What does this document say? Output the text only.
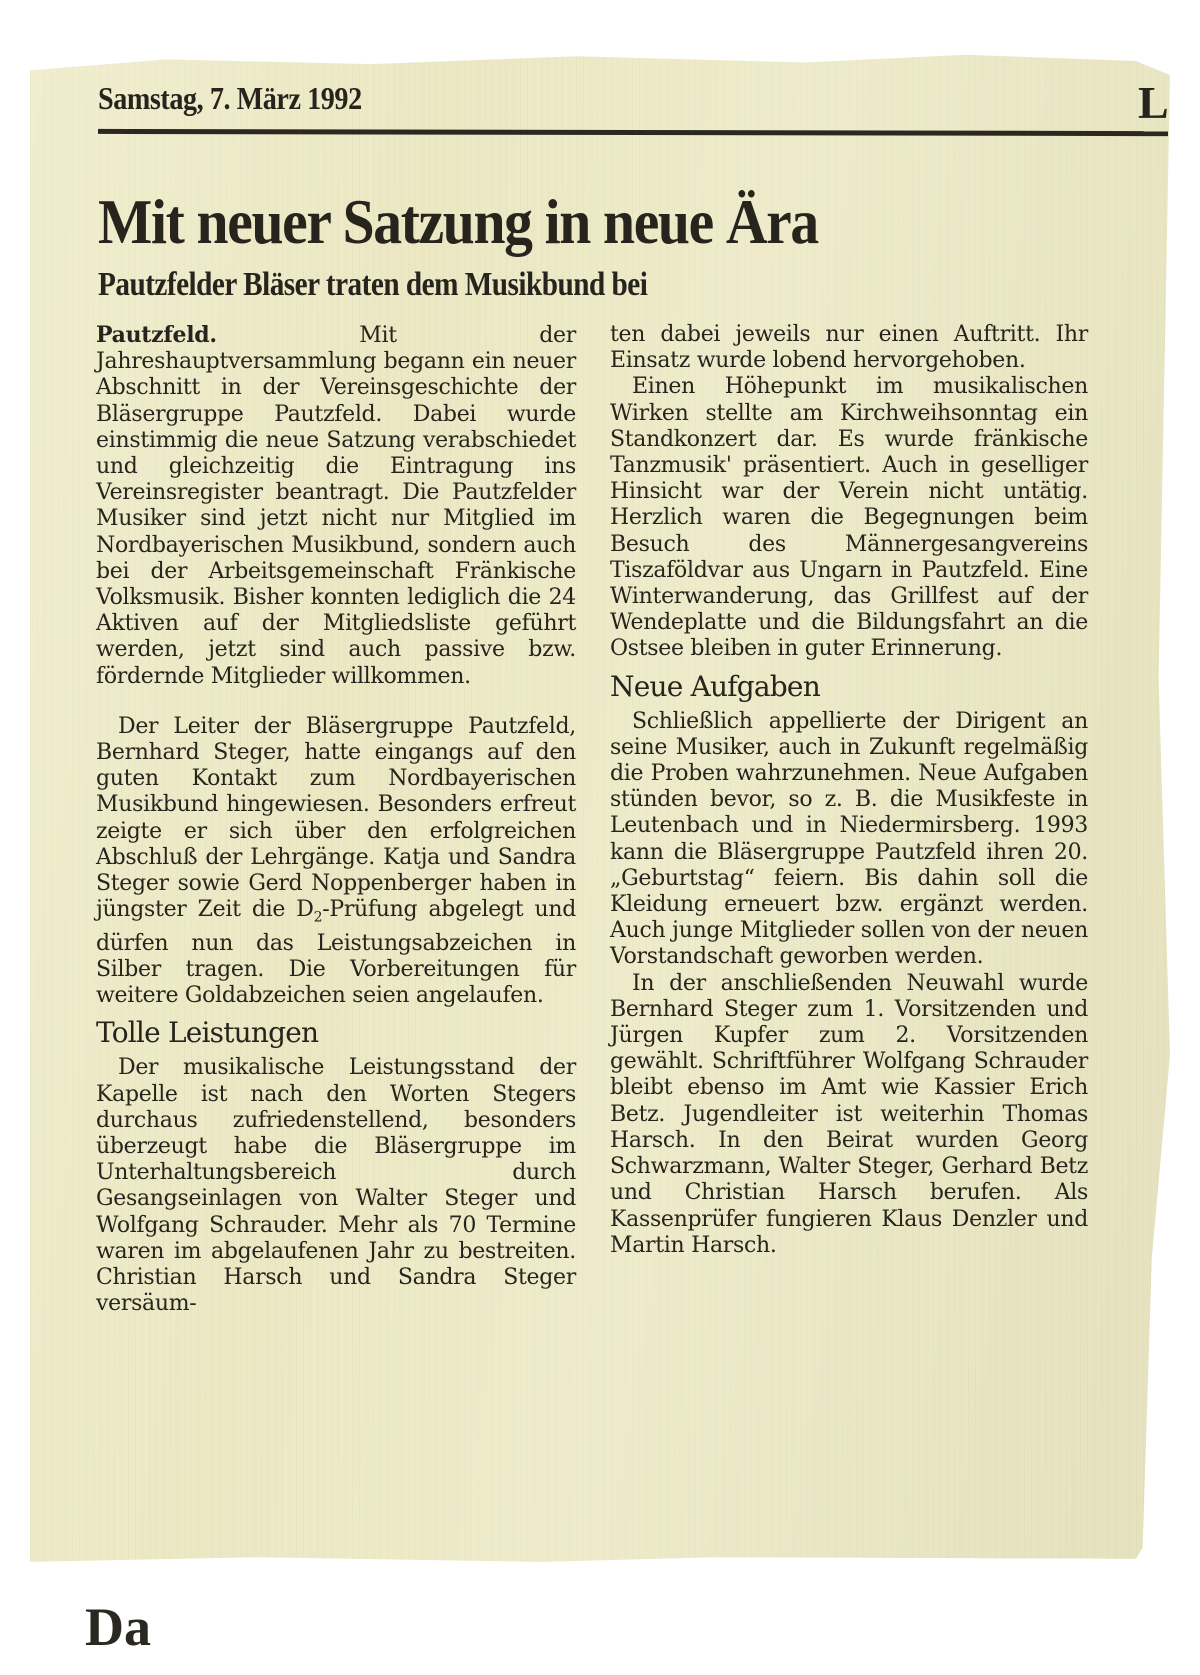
Samstag, 7. März 1992	L
Mit neuer Satzung in neue Ära
Pautzfelder Bläser traten dem Musikbund bei

Pautzfeld.	Mit der Jahreshauptversammlung begann ein neuer Abschnitt in der Vereinsgeschichte der Bläsergruppe Pautzfeld. Dabei wurde einstimmig die neue Satzung verabschiedet und gleichzeitig die Eintragung ins Vereinsregister beantragt. Die Pautzfelder Musiker sind jetzt nicht nur Mitglied im Nordbayerischen Musikbund, sondern auch bei der Arbeitsgemeinschaft Fränkische Volksmusik. Bisher konnten lediglich die 24 Aktiven auf der Mitgliedsliste geführt werden, jetzt sind auch passive bzw. fördernde Mitglieder willkommen.

Der Leiter der Bläsergruppe Pautzfeld, Bernhard Steger, hatte eingangs auf den guten Kontakt zum Nordbayerischen Musikbund hingewiesen. Besonders erfreut zeigte er sich über den erfolgreichen Abschluß der Lehrgänge. Katja und Sandra Steger sowie Gerd Noppenberger haben in jüngster Zeit die $D_2$-Prüfung abgelegt und dürfen nun das Leistungsabzeichen in Silber tragen. Die Vorbereitungen für weitere Goldabzeichen seien angelaufen.

Tolle Leistungen

Der musikalische Leistungsstand der Kapelle ist nach den Worten Stegers durchaus zufriedenstellend, besonders überzeugt habe die Bläsergruppe im Unterhaltungsbereich durch Gesangseinlagen von Walter Steger und Wolfgang Schrauder. Mehr als 70 Termine waren im abgelaufenen Jahr zu bestreiten. Christian Harsch und Sandra Steger versäum-

ten dabei jeweils nur einen Auftritt. Ihr Einsatz wurde lobend hervorgehoben.

Einen Höhepunkt im musikalischen Wirken stellte am Kirchweihsonntag ein Standkonzert dar. Es wurde fränkische Tanzmusik' präsentiert. Auch in geselliger Hinsicht war der Verein nicht untätig. Herzlich waren die Begegnungen beim Besuch des Männergesangvereins Tiszaföldvar aus Ungarn in Pautzfeld. Eine Winterwanderung, das Grillfest auf der Wendeplatte und die Bildungsfahrt an die Ostsee bleiben in guter Erinnerung.

Neue Aufgaben

Schließlich appellierte der Dirigent an seine Musiker, auch in Zukunft regelmäßig die Proben wahrzunehmen. Neue Aufgaben stünden bevor, so z. B. die Musikfeste in Leutenbach und in Niedermirsberg. 1993 kann die Bläsergruppe Pautzfeld ihren 20. „Geburtstag“ feiern. Bis dahin soll die Kleidung erneuert bzw. ergänzt werden. Auch junge Mitglieder sollen von der neuen Vorstandschaft geworben werden.

In der anschließenden Neuwahl wurde Bernhard Steger zum 1. Vorsitzenden und Jürgen Kupfer zum 2. Vorsitzenden gewählt. Schriftführer Wolfgang Schrauder bleibt ebenso im Amt wie Kassier Erich Betz. Jugendleiter ist weiterhin Thomas Harsch. In den Beirat wurden Georg Schwarzmann, Walter Steger, Gerhard Betz und Christian Harsch berufen. Als Kassenprüfer fungieren Klaus Denzler und Martin Harsch.

Da
